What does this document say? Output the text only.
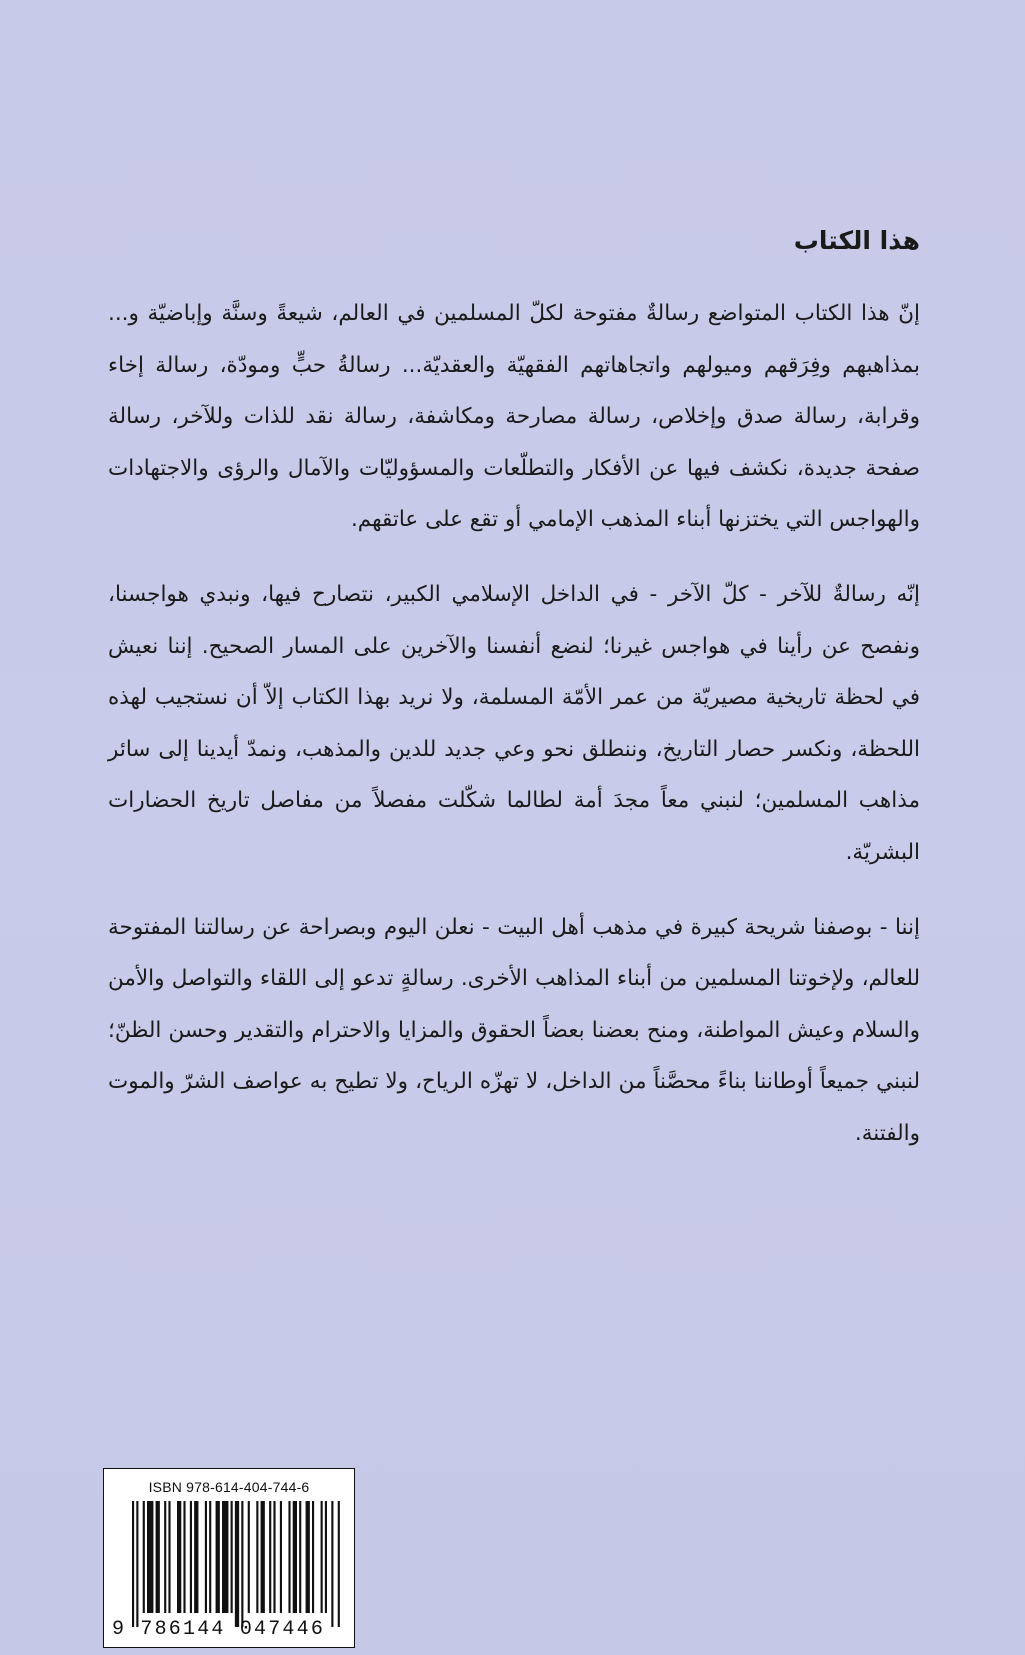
هذا الكتاب

إنّ هذا الكتاب المتواضع رسالةٌ مفتوحة لكلّ المسلمين في العالم، شيعةً وسنَّة وإباضيّة و... بمذاهبهم وفِرَقهم وميولهم واتجاهاتهم الفقهيّة والعقديّة... رسالةُ حبٍّ ومودّة، رسالة إخاء وقرابة، رسالة صدق وإخلاص، رسالة مصارحة ومكاشفة، رسالة نقد للذات وللآخر، رسالة صفحة جديدة، نكشف فيها عن الأفكار والتطلّعات والمسؤوليّات والآمال والرؤى والاجتهادات والهواجس التي يختزنها أبناء المذهب الإمامي أو تقع على عاتقهم.

إنّه رسالةٌ للآخر - كلّ الآخر - في الداخل الإسلامي الكبير، نتصارح فيها، ونبدي هواجسنا، ونفصح عن رأينا في هواجس غيرنا؛ لنضع أنفسنا والآخرين على المسار الصحيح. إننا نعيش في لحظة تاريخية مصيريّة من عمر الأمّة المسلمة، ولا نريد بهذا الكتاب إلاّ أن نستجيب لهذه اللحظة، ونكسر حصار التاريخ، وننطلق نحو وعي جديد للدين والمذهب، ونمدّ أيدينا إلى سائر مذاهب المسلمين؛ لنبني معاً مجدَ أمة لطالما شكّلت مفصلاً من مفاصل تاريخ الحضارات البشريّة.

إننا - بوصفنا شريحة كبيرة في مذهب أهل البيت - نعلن اليوم وبصراحة عن رسالتنا المفتوحة للعالم، ولإخوتنا المسلمين من أبناء المذاهب الأخرى. رسالةٍ تدعو إلى اللقاء والتواصل والأمن والسلام وعيش المواطنة، ومنح بعضنا بعضاً الحقوق والمزايا والاحترام والتقدير وحسن الظنّ؛ لنبني جميعاً أوطاننا بناءً محصَّناً من الداخل، لا تهزّه الرياح، ولا تطيح به عواصف الشرّ والموت والفتنة.

ISBN 978-614-404-744-6
9 786144 047446
